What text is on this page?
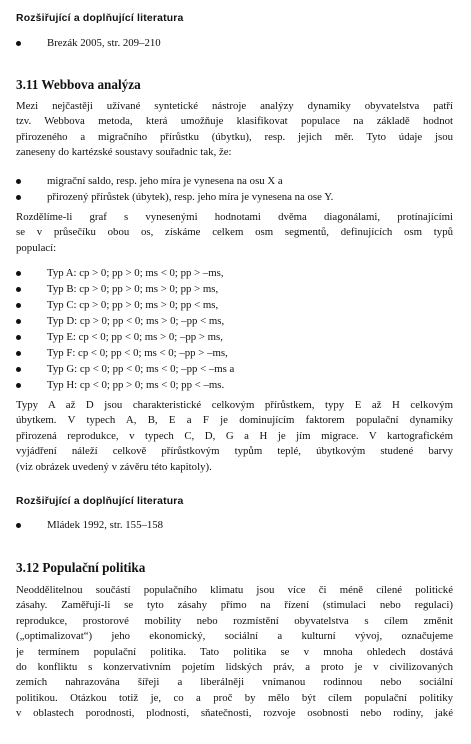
Rozšiřující a doplňující literatura
Brezák 2005, str. 209–210
3.11 Webbova analýza
Mezi nejčastěji užívané syntetické nástroje analýzy dynamiky obyvatelstva patří
tzv. Webbova metoda, která umožňuje klasifikovat populace na základě hodnot
přirozeného a migračního přírůstku (úbytku), resp. jejich měr. Tyto údaje jsou
zaneseny do kartézské soustavy souřadnic tak, že:
migrační saldo, resp. jeho míra je vynesena na osu X a
přirozený přírůstek (úbytek), resp. jeho míra je vynesena na ose Y.
Rozdělíme-li graf s vynesenými hodnotami dvěma diagonálami, protínajícími
se v průsečíku obou os, získáme celkem osm segmentů, definujících osm typů
populací:
Typ A: cp > 0; pp > 0; ms < 0; pp > –ms,
Typ B: cp > 0; pp > 0; ms > 0; pp > ms,
Typ C: cp > 0; pp > 0; ms > 0; pp < ms,
Typ D: cp > 0; pp < 0; ms > 0; –pp < ms,
Typ E: cp < 0; pp < 0; ms > 0; –pp > ms,
Typ F: cp < 0; pp < 0; ms < 0; –pp > –ms,
Typ G: cp < 0; pp < 0; ms < 0; –pp < –ms a
Typ H: cp < 0; pp > 0; ms < 0; pp < –ms.
Typy A až D jsou charakteristické celkovým přírůstkem, typy E až H celkovým
úbytkem. V typech A, B, E a F je dominujícím faktorem populační dynamiky
přirozená reprodukce, v typech C, D, G a H je jím migrace. V kartografickém
vyjádření náleží celkově přírůstkovým typům teplé, úbytkovým studené barvy
(viz obrázek uvedený v závěru této kapitoly).
Rozšiřující a doplňující literatura
Mládek 1992, str. 155–158
3.12 Populační politika
Neoddělitelnou součástí populačního klimatu jsou více či méně cílené politické
zásahy. Zaměřují-li se tyto zásahy přímo na řízení (stimulaci nebo regulaci)
reprodukce, prostorové mobility nebo rozmístění obyvatelstva s cílem změnit
(„optimalizovat“) jeho ekonomický, sociální a kulturní vývoj, označujeme
je termínem populační politika. Tato politika se v mnoha ohledech dostává
do konfliktu s konzervativním pojetím lidských práv, a proto je v civilizovaných
zemích nahrazována šířeji a liberálněji vnímanou rodinnou nebo sociální
politikou. Otázkou totiž je, co a proč by mělo být cílem populační politiky
v oblastech porodnosti, plodnosti, sňatečnosti, rozvoje osobnosti nebo rodiny, jaké
